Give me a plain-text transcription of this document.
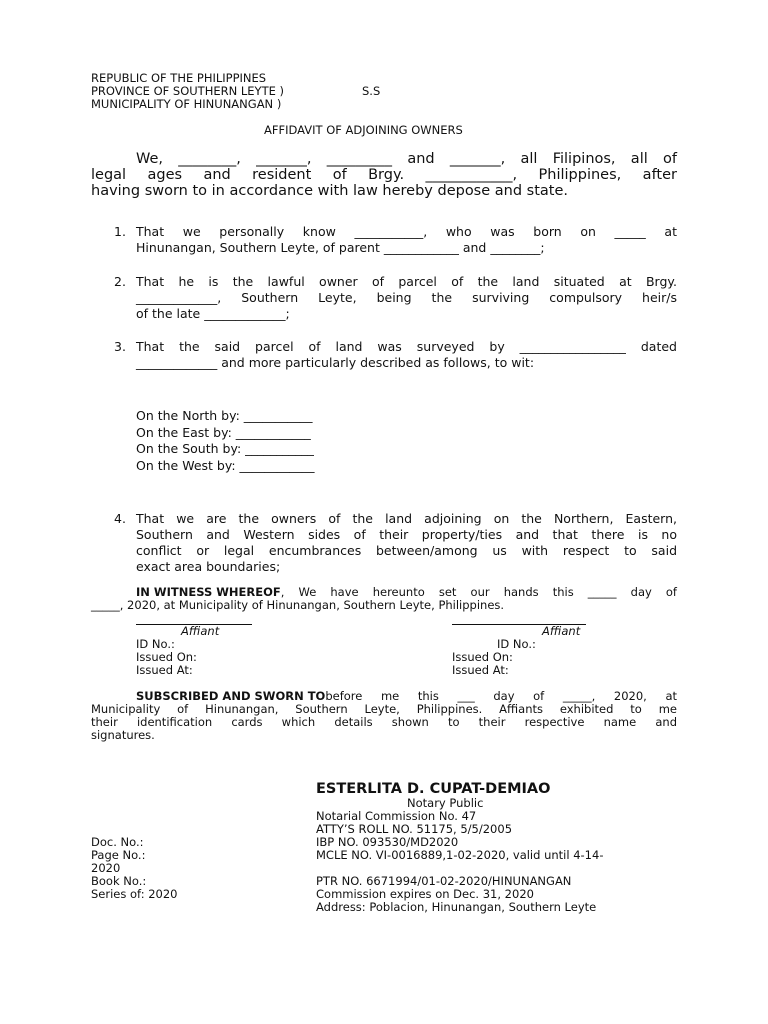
REPUBLIC OF THE PHILIPPINES
PROVINCE OF SOUTHERN LEYTE )	S.S
MUNICIPALITY OF HINUNANGAN )
AFFIDAVIT OF ADJOINING OWNERS
We, ________, _______, _________ and _______, all Filipinos, all of
legal ages and resident of Brgy. ____________, Philippines, after
having sworn to in accordance with law hereby depose and state.
1. That we personally know ___________, who was born on _____ at
Hinunangan, Southern Leyte, of parent ____________ and ________;
2. That he is the lawful owner of parcel of the land situated at Brgy.
_____________, Southern Leyte, being the surviving compulsory heir/s
of the late _____________;
3. That the said parcel of land was surveyed by _________________ dated
_____________ and more particularly described as follows, to wit:
On the North by: ___________
On the East by: ____________
On the South by: ___________
On the West by: ____________
4. That we are the owners of the land adjoining on the Northern, Eastern,
Southern and Western sides of their property/ties and that there is no
conflict or legal encumbrances between/among us with respect to said
exact area boundaries;
IN WITNESS WHEREOF , We have hereunto set our hands this _____ day of
_____, 2020, at Municipality of Hinunangan, Southern Leyte, Philippines.
Affiant
ID No.:
Issued On:
Issued At:
Affiant
ID No.:
Issued On:
Issued At:
SUBSCRIBED AND SWORN TO before me this ___ day of _____, 2020, at
Municipality of Hinunangan, Southern Leyte, Philippines. Affiants exhibited to me
their identification cards which details shown to their respective name and
signatures.
ESTERLITA D. CUPAT-DEMIAO
Notary Public
Notarial Commission No. 47
ATTY’S ROLL NO. 51175, 5/5/2005
IBP NO. 093530/MD2020
MCLE NO. VI-0016889,1-02-2020, valid until 4-14-
PTR NO. 6671994/01-02-2020/HINUNANGAN
Commission expires on Dec. 31, 2020
Address: Poblacion, Hinunangan, Southern Leyte
Doc. No.:
Page No.:
2020
Book No.:
Series of: 2020
